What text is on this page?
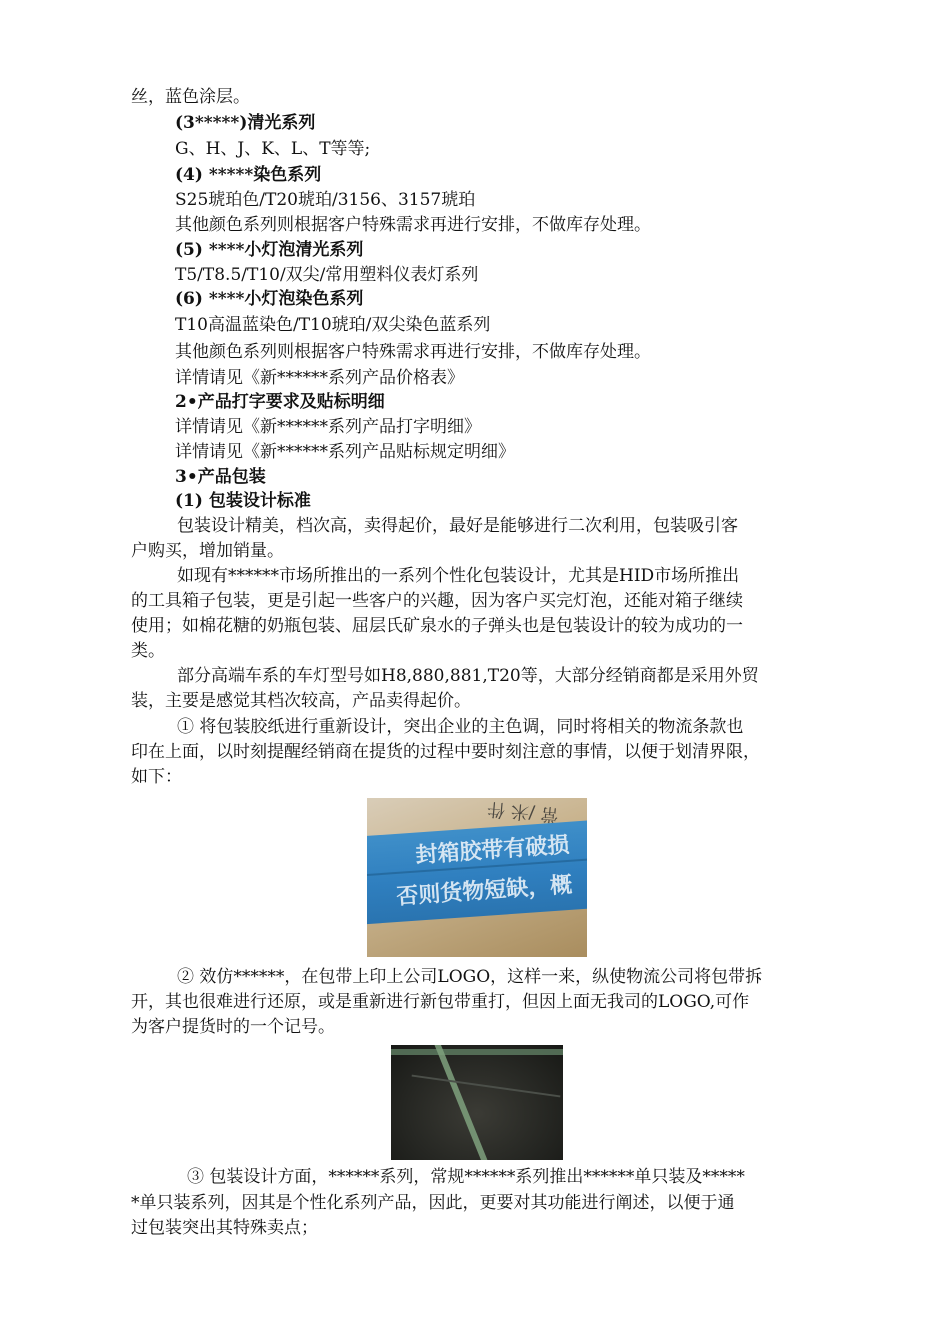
丝，蓝色涂层。

(3*****)清光系列

G、H、J、K、L、T等等;

(4) *****染色系列

S25琥珀色/T20琥珀/3156、3157琥珀

其他颜色系列则根据客户特殊需求再进行安排，不做库存处理。

(5) ****小灯泡清光系列

T5/T8.5/T10/双尖/常用塑料仪表灯系列

(6) ****小灯泡染色系列

T10高温蓝染色/T10琥珀/双尖染色蓝系列

其他颜色系列则根据客户特殊需求再进行安排，不做库存处理。

详情请见《新******系列产品价格表》

2•产品打字要求及贴标明细

详情请见《新******系列产品打字明细》

详情请见《新******系列产品贴标规定明细》

3•产品包装

(1) 包装设计标准

包装设计精美，档次高，卖得起价，最好是能够进行二次利用，包装吸引客

户购买，增加销量。

如现有******市场所推出的一系列个性化包装设计，尤其是HID市场所推出

的工具箱子包装，更是引起一些客户的兴趣，因为客户买完灯泡，还能对箱子继续

使用；如棉花糖的奶瓶包装、屈层氏矿泉水的子弹头也是包装设计的较为成功的一

类。

部分高端车系的车灯型号如H8,880,881,T20等，大部分经销商都是采用外贸

装，主要是感觉其档次较高，产品卖得起价。

① 将包装胶纸进行重新设计，突出企业的主色调，同时将相关的物流条款也

印在上面，以时刻提醒经销商在提货的过程中要时刻注意的事情，以便于划清界限，

如下：

常 /米 件
封箱胶带有破损
否则货物短缺，概

② 效仿******，在包带上印上公司LOGO，这样一来，纵使物流公司将包带拆

开，其也很难进行还原，或是重新进行新包带重打，但因上面无我司的LOGO,可作

为客户提货时的一个记号。

③ 包装设计方面，******系列，常规******系列推出******单只装及*****

*单只装系列，因其是个性化系列产品，因此，更要对其功能进行阐述，以便于通

过包装突出其特殊卖点；
